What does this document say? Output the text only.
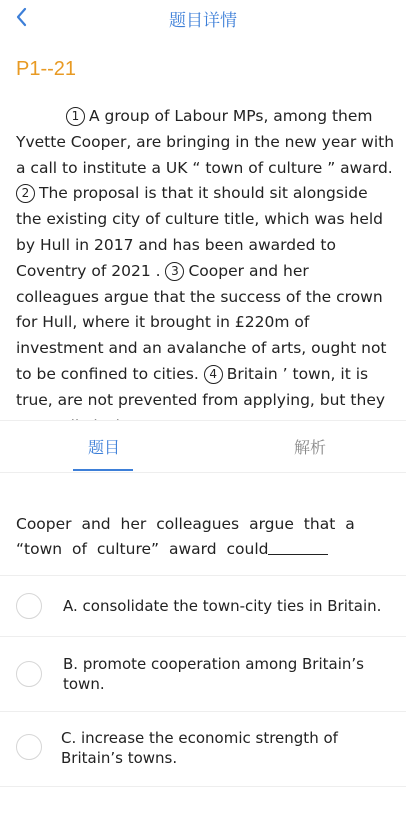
题目详情
P1--21
1 A group of Labour MPs, among them Yvette Cooper, are bringing in the new year with a call to institute a UK “ town of culture ” award. 2 The proposal is that it should sit alongside the existing city of culture title, which was held by Hull in 2017 and has been awarded to Coventry of 2021 . 3 Cooper and her colleagues argue that the success of the crown for Hull, where it brought in £220m of investment and an avalanche of arts, ought not to be confined to cities. 4 Britain ’ town, it is true, are not prevented from applying, but they
题目	解析
Cooper and her colleagues argue that a “town of culture” award could
A. consolidate the town-city ties in Britain.
B. promote cooperation among Britain’s town.
C. increase the economic strength of Britain’s towns.
